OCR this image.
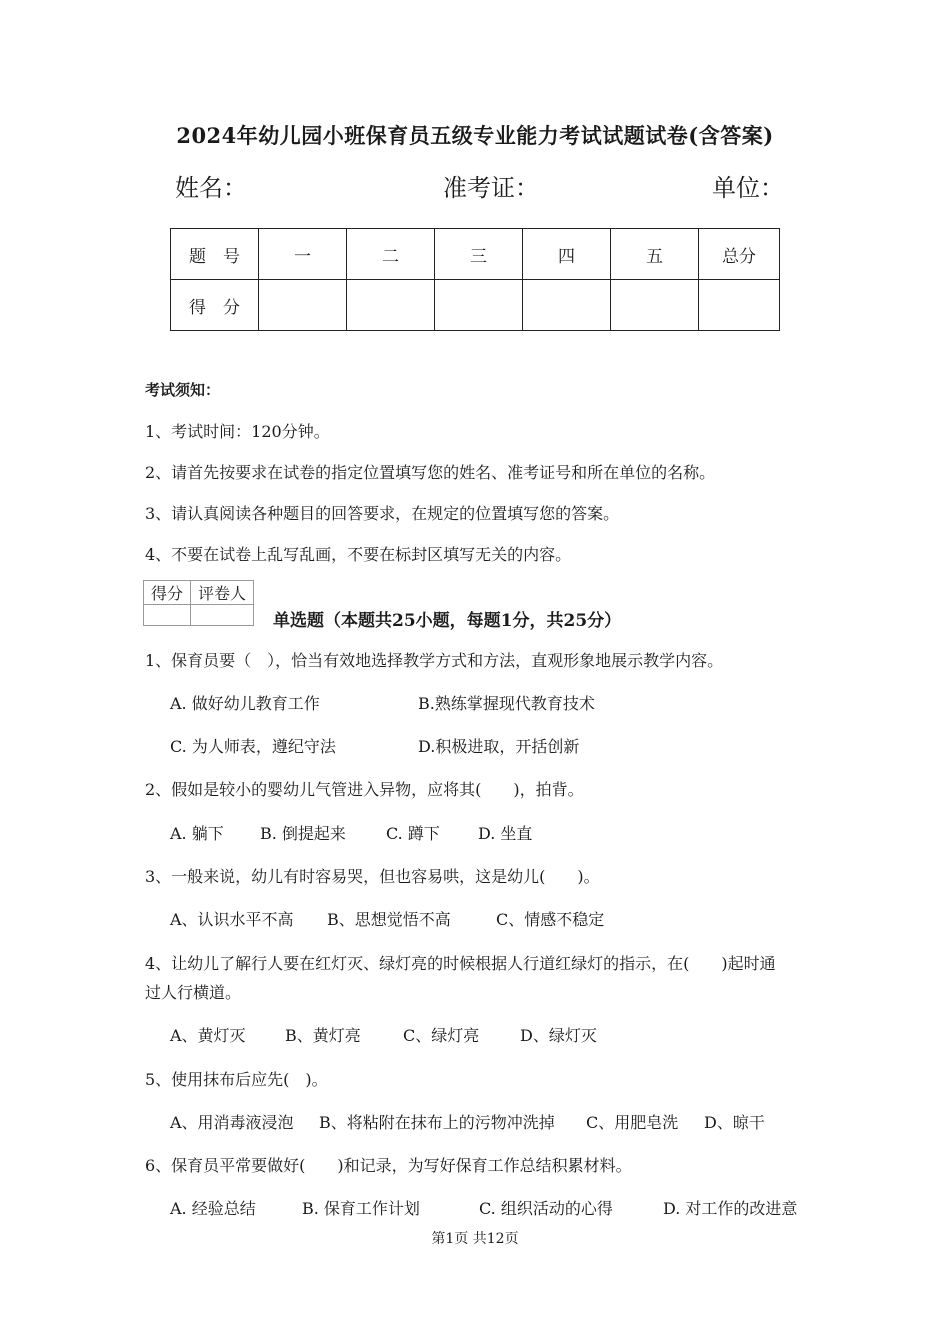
2024年幼儿园小班保育员五级专业能力考试试题试卷(含答案)
姓名：	准考证：	单位：
题　号	一	二	三	四	五	总分
得　分						
考试须知：
1、考试时间：120分钟。
2、请首先按要求在试卷的指定位置填写您的姓名、准考证号和所在单位的名称。
3、请认真阅读各种题目的回答要求，在规定的位置填写您的答案。
4、不要在试卷上乱写乱画，不要在标封区填写无关的内容。
得分	评卷人

单选题（本题共25小题，每题1分，共25分）
1、保育员要（　），恰当有效地选择教学方式和方法，直观形象地展示教学内容。
A. 做好幼儿教育工作	B.熟练掌握现代教育技术
C. 为人师表，遵纪守法	D.积极进取，开括创新
2、假如是较小的婴幼儿气管进入异物，应将其(　　)，拍背。
A. 躺下 B. 倒提起来	C. 蹲下 D. 坐直
3、一般来说，幼儿有时容易哭，但也容易哄，这是幼儿(　　)。
A、认识水平不高 B、思想觉悟不高	C、情感不稳定
4、让幼儿了解行人要在红灯灭、绿灯亮的时候根据人行道红绿灯的指示，在(　　)起时通
过人行横道。
A、黄灯灭 B、黄灯亮	C、绿灯亮	D、绿灯灭
5、使用抹布后应先(　)。
A、用消毒液浸泡 B、将粘附在抹布上的污物冲洗掉 C、用肥皂洗 D、晾干
6、保育员平常要做好(　　)和记录，为写好保育工作总结积累材料。
A. 经验总结	B. 保育工作计划	C. 组织活动的心得	D. 对工作的改进意
第1页 共12页
